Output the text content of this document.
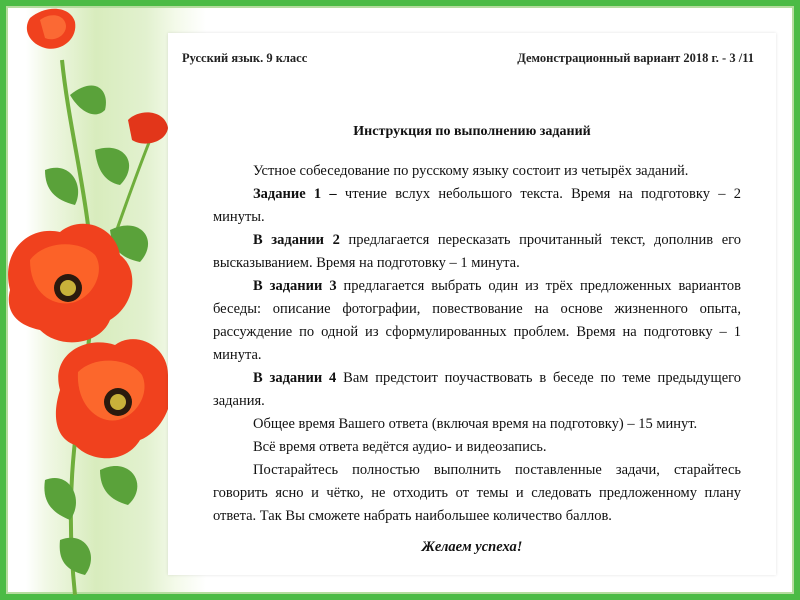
Русский язык. 9 класс	Демонстрационный вариант 2018 г. - 3 /11
Инструкция по выполнению заданий

Устное собеседование по русскому языку состоит из четырёх заданий.

Задание 1 – чтение вслух небольшого текста. Время на подготовку – 2 минуты.

В задании 2 предлагается пересказать прочитанный текст, дополнив его высказыванием. Время на подготовку – 1 минута.

В задании 3 предлагается выбрать один из трёх предложенных вариантов беседы: описание фотографии, повествование на основе жизненного опыта, рассуждение по одной из сформулированных проблем. Время на подготовку – 1 минута.

В задании 4 Вам предстоит поучаствовать в беседе по теме предыдущего задания.

Общее время Вашего ответа (включая время на подготовку) – 15 минут.

Всё время ответа ведётся аудио- и видеозапись.

Постарайтесь полностью выполнить поставленные задачи, старайтесь говорить ясно и чётко, не отходить от темы и следовать предложенному плану ответа. Так Вы сможете набрать наибольшее количество баллов.

Желаем успеха!
